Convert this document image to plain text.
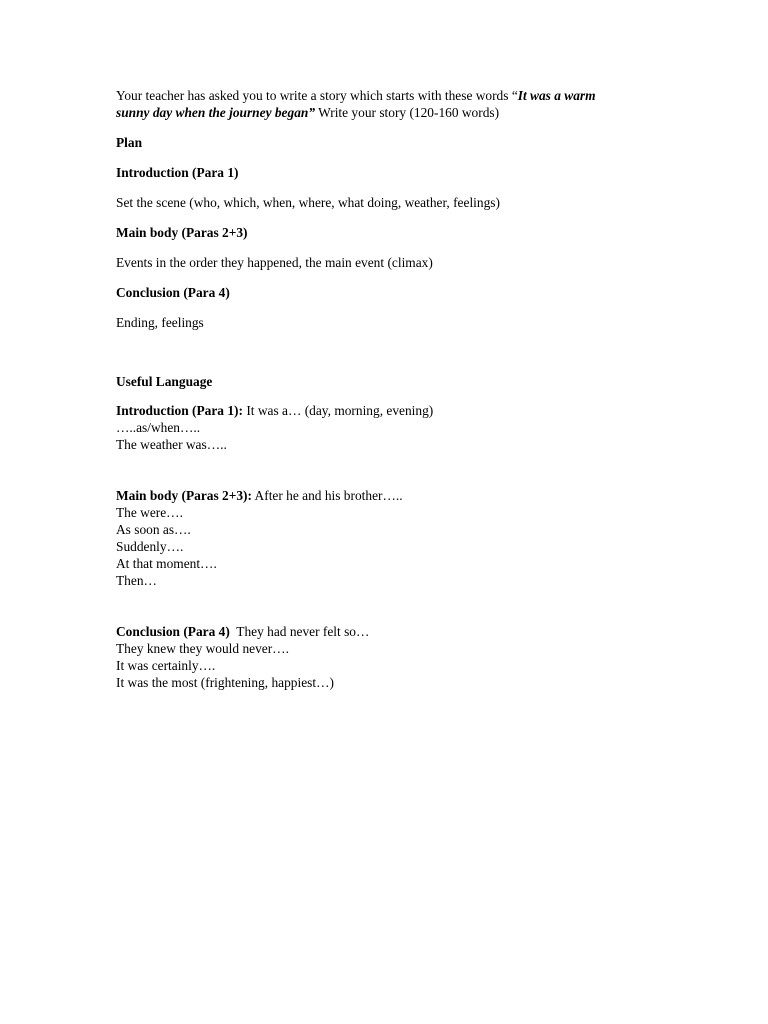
Your teacher has asked you to write a story which starts with these words “It was a warm
sunny day when the journey began” Write your story (120-160 words)
Plan
Introduction (Para 1)
Set the scene (who, which, when, where, what doing, weather, feelings)
Main body (Paras 2+3)
Events in the order they happened, the main event (climax)
Conclusion (Para 4)
Ending, feelings
Useful Language
Introduction (Para 1): It was a… (day, morning, evening)
…..as/when…..
The weather was…..
Main body (Paras 2+3): After he and his brother…..
The were….
As soon as….
Suddenly….
At that moment….
Then…
Conclusion (Para 4)  They had never felt so…
They knew they would never….
It was certainly….
It was the most (frightening, happiest…)
